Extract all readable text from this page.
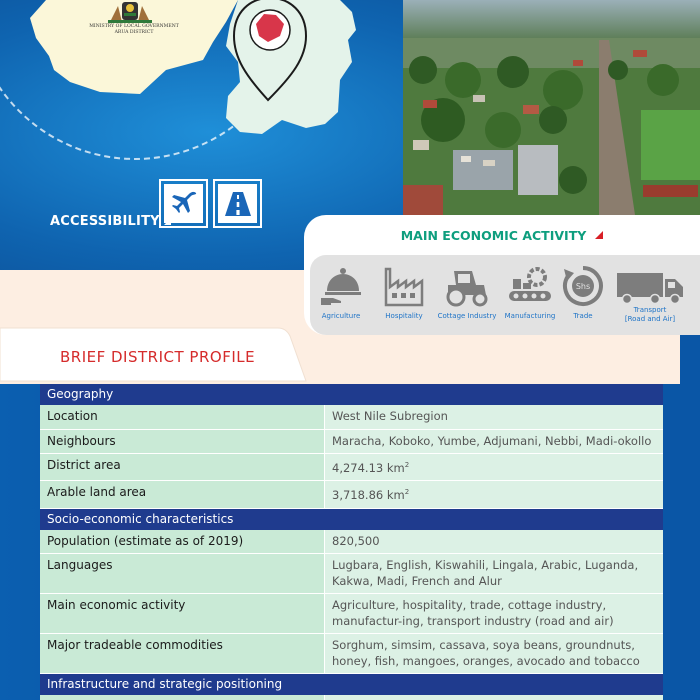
MINISTRY OF LOCAL GOVERNMENT
ARUA DISTRICT
ACCESSIBILITY
BRIEF DISTRICT PROFILE
MAIN ECONOMIC ACTIVITY
Agriculture	Hospitality	Cottage Industry	Manufacturing
Shs
Trade
Transport
[Road and Air]
Geography
Location	West Nile Subregion
Neighbours	Maracha, Koboko, Yumbe, Adjumani, Nebbi, Madi-okollo
District area	4,274.13 $km^2$
Arable land area	3,718.86 $km^2$
Socio-economic characteristics
Population (estimate as of 2019)	820,500
Languages	Lugbara, English, Kiswahili, Lingala, Arabic, Luganda, Kakwa, Madi, French and Alur
Main economic activity	Agriculture, hospitality, trade, cottage industry, manufactur-ing, transport industry (road and air)
Major tradeable commodities	Sorghum, simsim, cassava, soya beans, groundnuts, honey, fish, mangoes, oranges, avocado and tobacco
Infrastructure and strategic positioning
